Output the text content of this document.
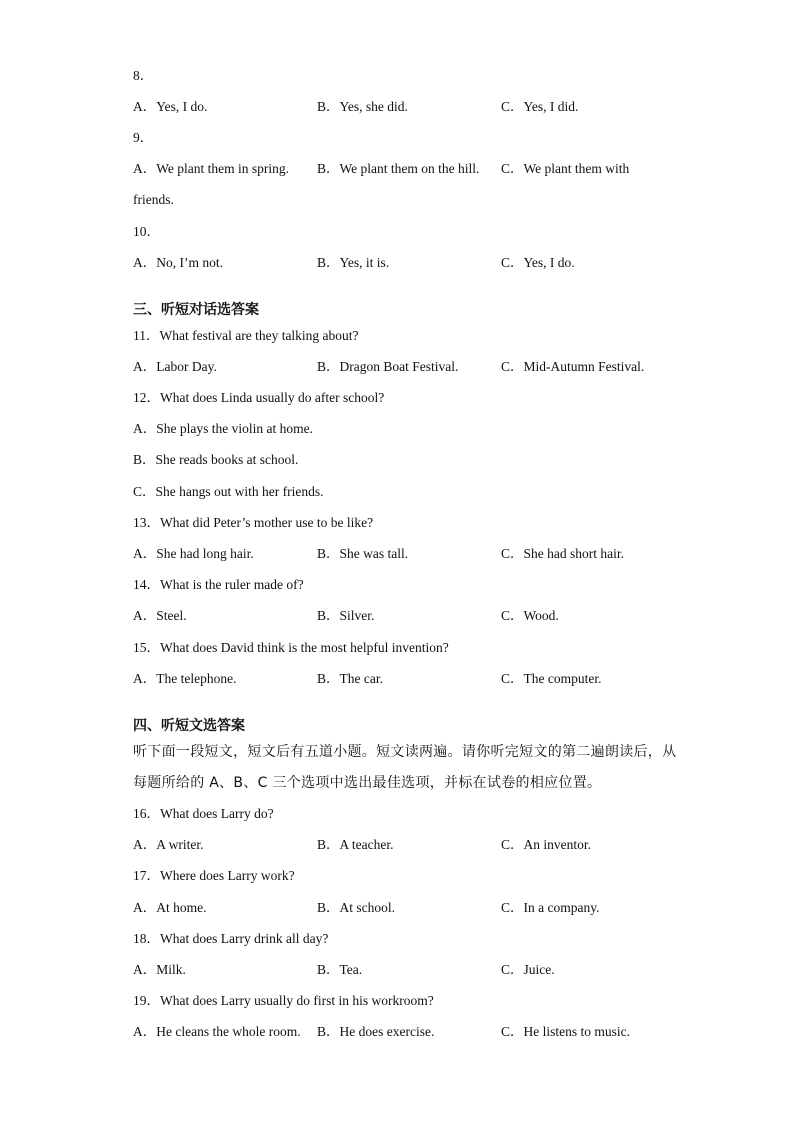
8．
A．Yes, I do.	B．Yes, she did.	C．Yes, I did.
9．
A．We plant them in spring. B．We plant them on the hill. C．We plant them with
friends.
10．
A．No, I’m not.	B．Yes, it is.	C．Yes, I do.
三、听短对话选答案
11．What festival are they talking about?
A．Labor Day.	B．Dragon Boat Festival.	C．Mid-Autumn Festival.
12．What does Linda usually do after school?
A．She plays the violin at home.
B．She reads books at school.
C．She hangs out with her friends.
13．What did Peter’s mother use to be like?
A．She had long hair.	B．She was tall.	C．She had short hair.
14．What is the ruler made of?
A．Steel.	B．Silver.	C．Wood.
15．What does David think is the most helpful invention?
A．The telephone.	B．The car.	C．The computer.
四、听短文选答案
听下面一段短文，短文后有五道小题。短文读两遍。请你听完短文的第二遍朗读后，从
每题所给的 A、B、C 三个选项中选出最佳选项，并标在试卷的相应位置。
16．What does Larry do?
A．A writer.	B．A teacher.	C．An inventor.
17．Where does Larry work?
A．At home.	B．At school.	C．In a company.
18．What does Larry drink all day?
A．Milk.	B．Tea.	C．Juice.
19．What does Larry usually do first in his workroom?
A．He cleans the whole room. B．He does exercise.	C．He listens to music.
